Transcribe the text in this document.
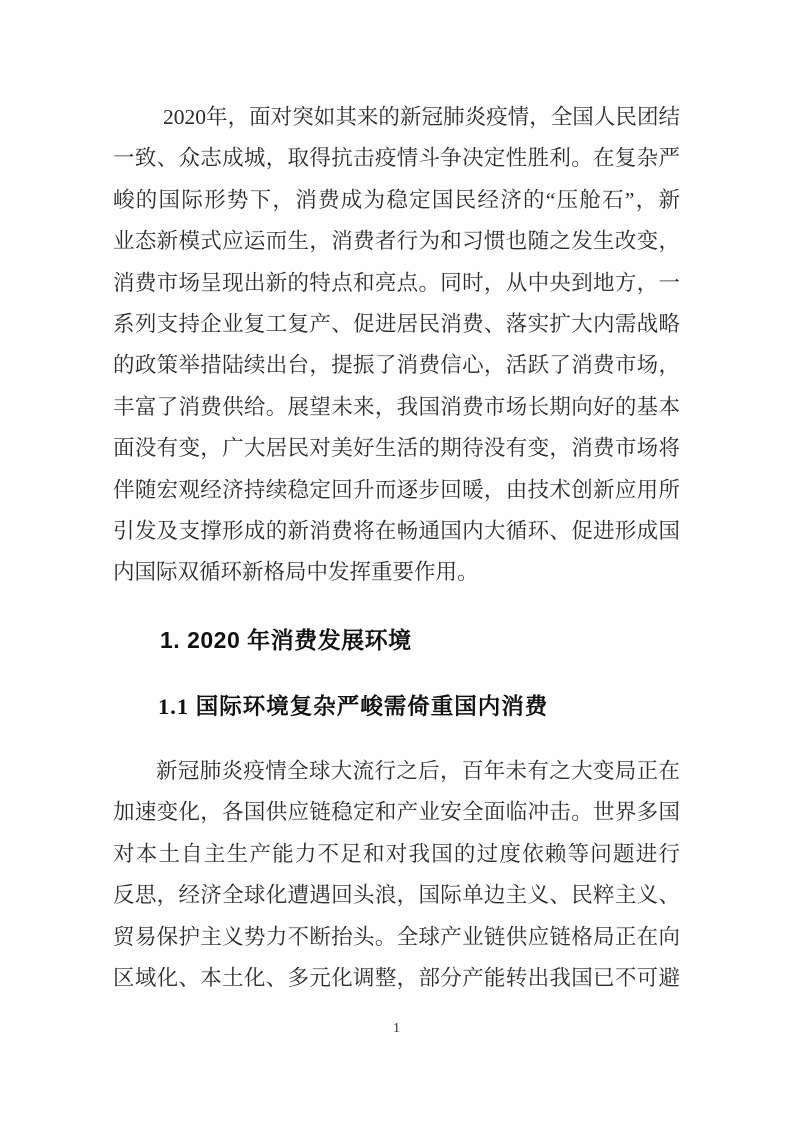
2020年，面对突如其来的新冠肺炎疫情，全国人民团结
一致、众志成城，取得抗击疫情斗争决定性胜利。在复杂严
峻的国际形势下，消费成为稳定国民经济的“压舱石”，新
业态新模式应运而生，消费者行为和习惯也随之发生改变，
消费市场呈现出新的特点和亮点。同时，从中央到地方，一
系列支持企业复工复产、促进居民消费、落实扩大内需战略
的政策举措陆续出台，提振了消费信心，活跃了消费市场，
丰富了消费供给。展望未来，我国消费市场长期向好的基本
面没有变，广大居民对美好生活的期待没有变，消费市场将
伴随宏观经济持续稳定回升而逐步回暖，由技术创新应用所
引发及支撑形成的新消费将在畅通国内大循环、促进形成国
内国际双循环新格局中发挥重要作用。
1. 2020 年消费发展环境
1.1 国际环境复杂严峻需倚重国内消费
新冠肺炎疫情全球大流行之后，百年未有之大变局正在
加速变化，各国供应链稳定和产业安全面临冲击。世界多国
对本土自主生产能力不足和对我国的过度依赖等问题进行
反思，经济全球化遭遇回头浪，国际单边主义、民粹主义、
贸易保护主义势力不断抬头。全球产业链供应链格局正在向
区域化、本土化、多元化调整，部分产能转出我国已不可避
1
